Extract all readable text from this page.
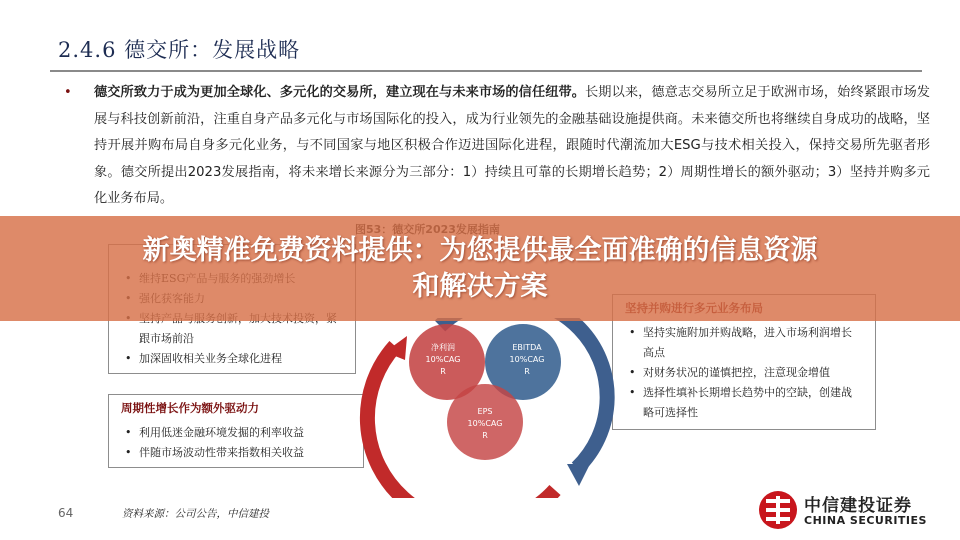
2.4.6 德交所：发展战略
• 德交所致力于成为更加全球化、多元化的交易所，建立现在与未来市场的信任纽带。长期以来，德意志交易所立足于欧洲市场，始终紧跟市场发展与科技创新前沿，注重自身产品多元化与市场国际化的投入，成为行业领先的金融基础设施提供商。未来德交所也将继续自身成功的战略，坚持开展并购布局自身多元化业务，与不同国家与地区积极合作迈进国际化进程，跟随时代潮流加大ESG与技术相关投入，保持交易所先驱者形象。德交所提出2023发展指南，将未来增长来源分为三部分：1）持续且可靠的长期增长趋势；2）周期性增长的额外驱动；3）坚持并购多元化业务布局。
•
•
• 跟市场前沿
• 加深固收相关业务全球化进程
周期性增长作为额外驱动力
• 利用低迷金融环境发掘的利率收益
• 伴随市场波动性带来指数相关收益
• 坚持实施附加并购战略，进入市场利润增长高点
• 对财务状况的谨慎把控，注意现金增值
• 选择性填补长期增长趋势中的空缺，创建战略可选择性
净利润
10%CAG
R
EBITDA
10%CAG
R
EPS
10%CAG
R
新奥精准免费资料提供：为您提供最全面准确的信息资源
和解决方案
64	资料来源：公司公告，中信建投	中信建投证券
CHINA SECURITIES
